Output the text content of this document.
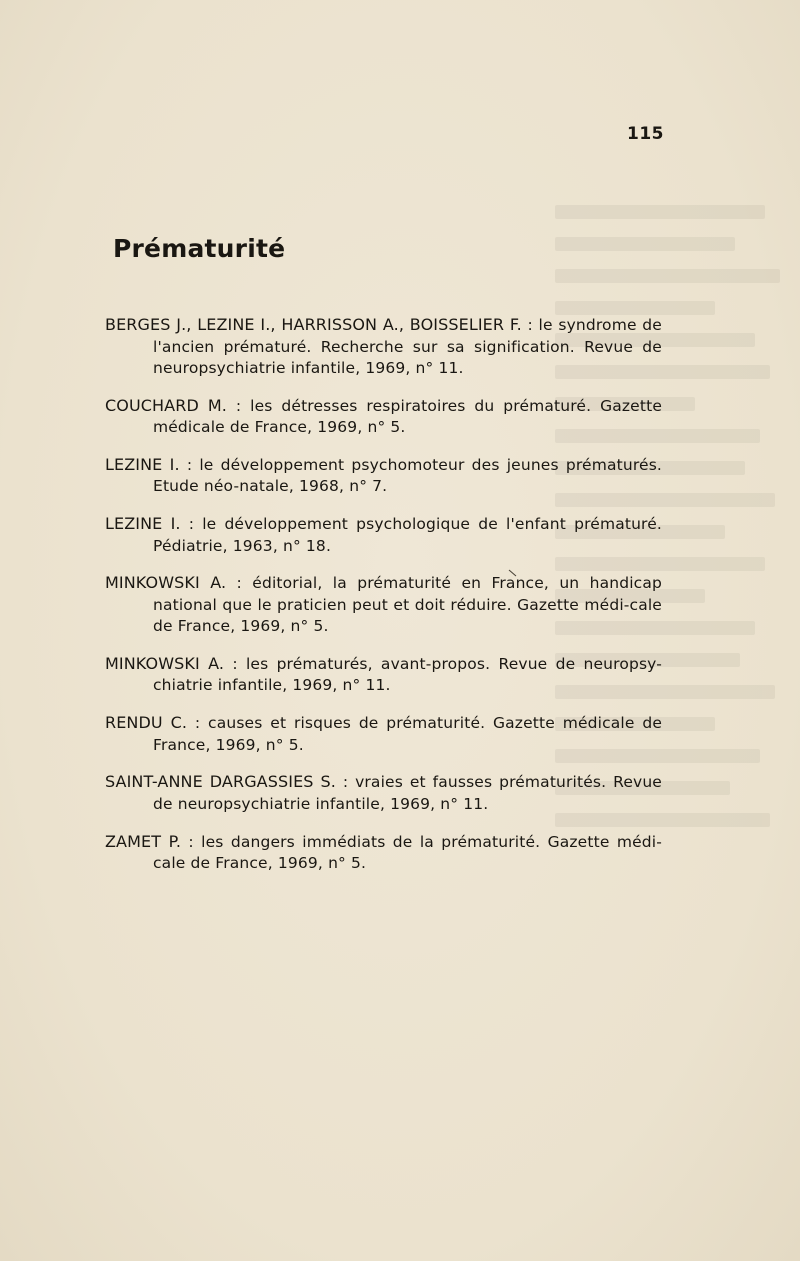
115
Prématurité
BERGES J., LEZINE I., HARRISSON A., BOISSELIER F. : le syndrome de l'ancien prématuré. Recherche sur sa signification. Revue de neuropsychiatrie infantile, 1969, n° 11.
COUCHARD M. : les détresses respiratoires du prématuré. Gazette médicale de France, 1969, n° 5.
LEZINE I. : le développement psychomoteur des jeunes prématurés. Etude néo-natale, 1968, n° 7.
LEZINE I. : le développement psychologique de l'enfant prématuré. Pédiatrie, 1963, n° 18.
MINKOWSKI A. : éditorial, la prématurité en France, un handicap national que le praticien peut et doit réduire. Gazette médi-cale de France, 1969, n° 5.
MINKOWSKI A. : les prématurés, avant-propos. Revue de neuropsy-chiatrie infantile, 1969, n° 11.
RENDU C. : causes et risques de prématurité. Gazette médicale de France, 1969, n° 5.
SAINT-ANNE DARGASSIES S. : vraies et fausses prématurités. Revue de neuropsychiatrie infantile, 1969, n° 11.
ZAMET P. : les dangers immédiats de la prématurité. Gazette médi-cale de France, 1969, n° 5.
